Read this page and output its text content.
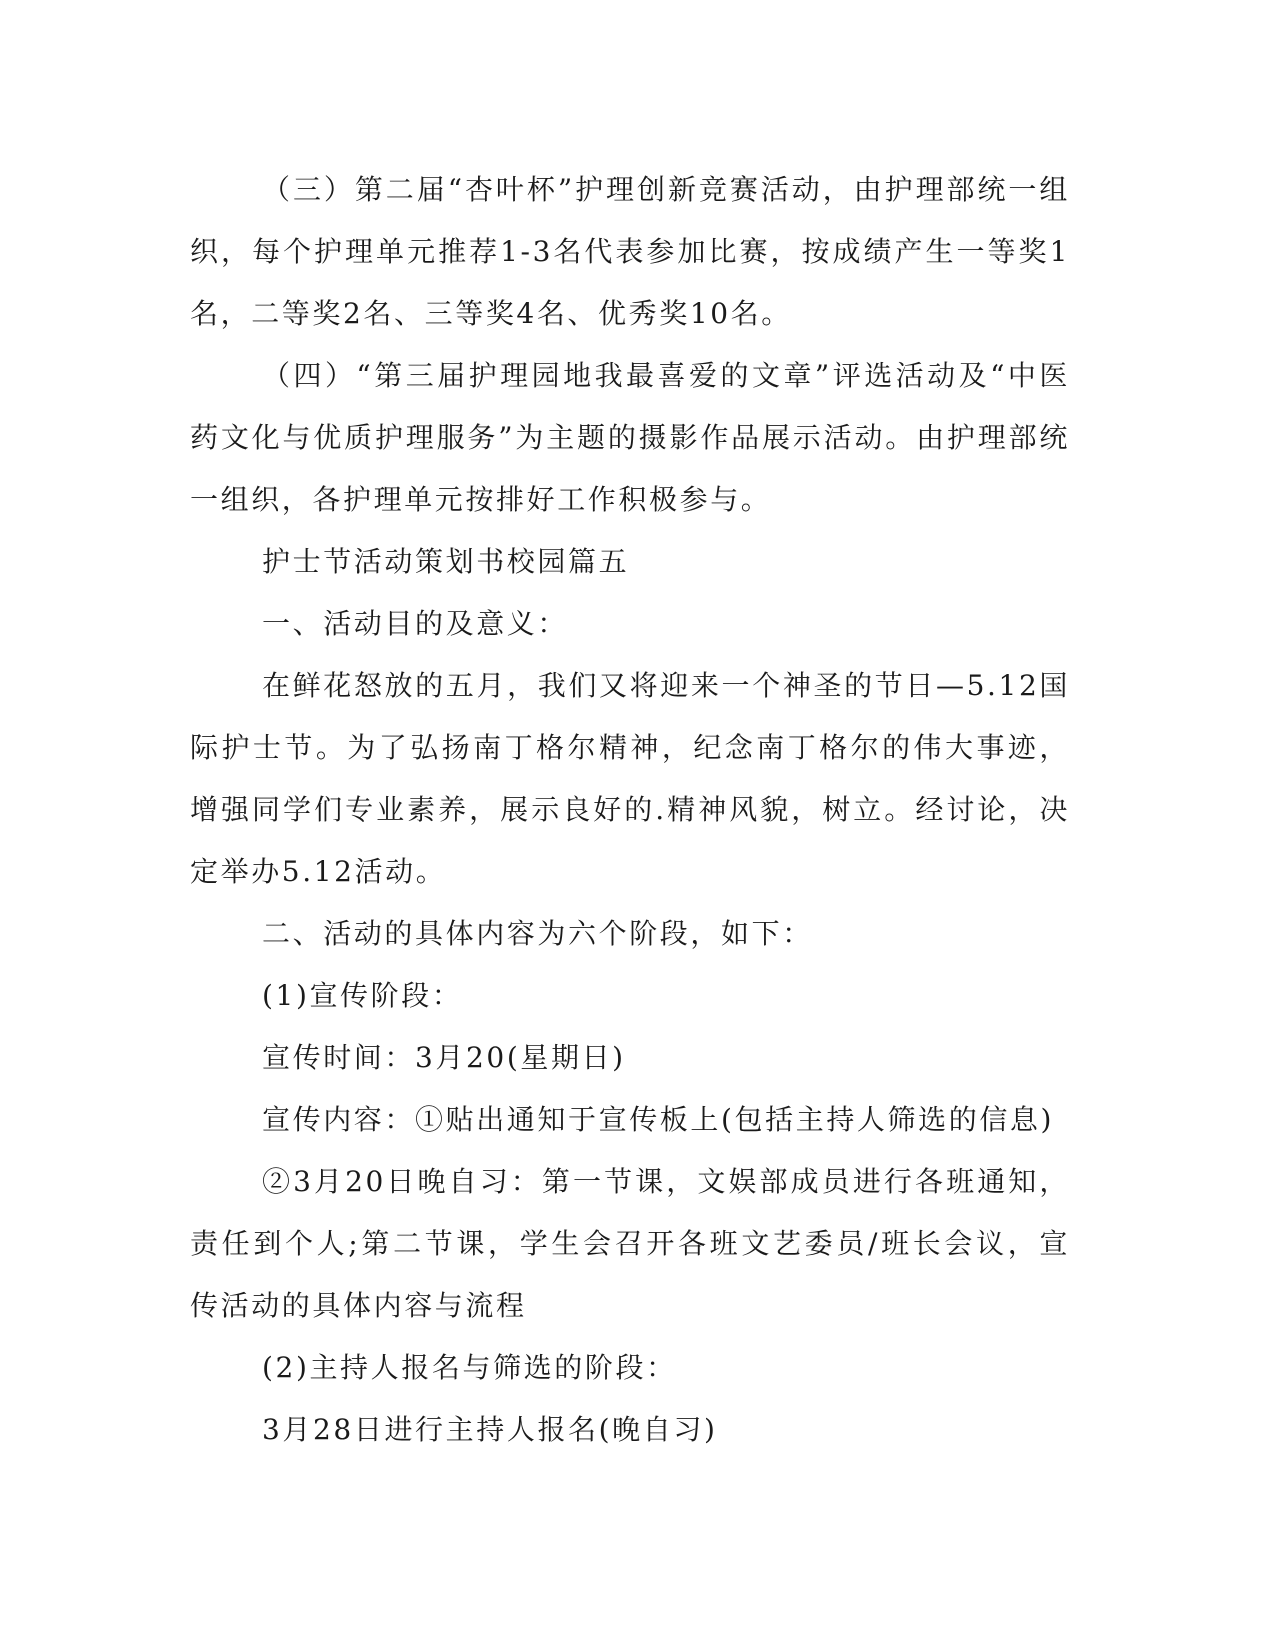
（三）第二届“杏叶杯”护理创新竞赛活动，由护理部统一组织，每个护理单元推荐1-3名代表参加比赛，按成绩产生一等奖1名，二等奖2名、三等奖4名、优秀奖10名。

（四）“第三届护理园地我最喜爱的文章”评选活动及“中医药文化与优质护理服务”为主题的摄影作品展示活动。由护理部统一组织，各护理单元按排好工作积极参与。

护士节活动策划书校园篇五

一、活动目的及意义：

在鲜花怒放的五月，我们又将迎来一个神圣的节日—5.12国际护士节。为了弘扬南丁格尔精神，纪念南丁格尔的伟大事迹，增强同学们专业素养，展示良好的.精神风貌，树立。经讨论，决定举办5.12活动。

二、活动的具体内容为六个阶段，如下：

(1)宣传阶段：

宣传时间：3月20(星期日)

宣传内容：①贴出通知于宣传板上(包括主持人筛选的信息)

②3月20日晚自习：第一节课，文娱部成员进行各班通知，责任到个人;第二节课，学生会召开各班文艺委员/班长会议，宣传活动的具体内容与流程

(2)主持人报名与筛选的阶段：

3月28日进行主持人报名(晚自习)
